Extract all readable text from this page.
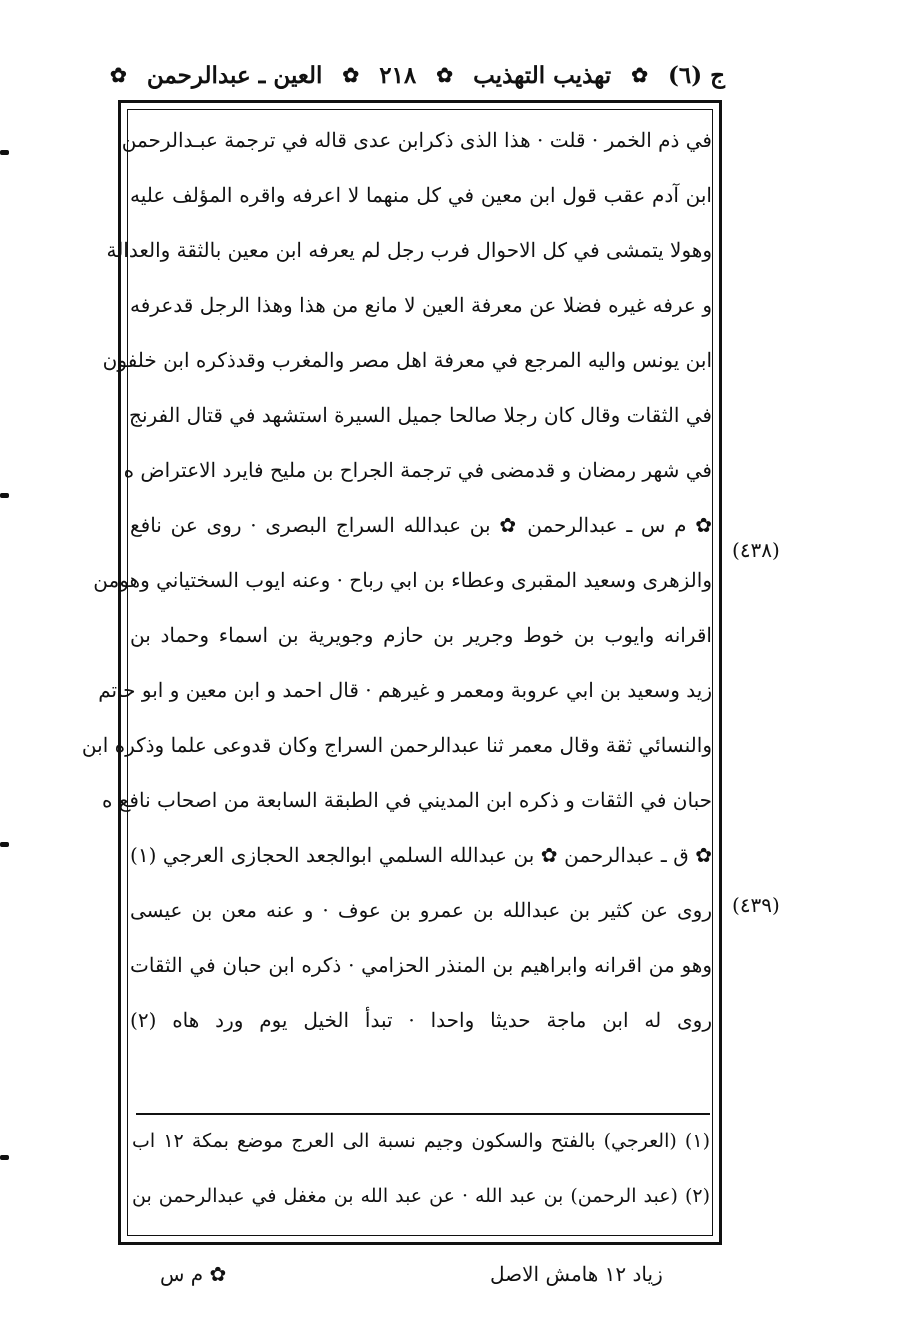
ج (٦)
✿
تهذيب التهذيب
✿
٢١٨
✿
العين ـ عبدالرحمن
✿
في ذم الخمر · قلت · هذا الذى ذكرابن عدى قاله في ترجمة عبـدالرحمن
ابن آدم عقب قول ابن معين في كل منهما لا اعرفه واقره المؤلف عليه
وهولا يتمشى في كل الاحوال فرب رجل لم يعرفه ابن معين بالثقة والعدالة
و عرفه غيره فضلا عن معرفة العين لا مانع من هذا وهذا الرجل قدعرفه
ابن يونس واليه المرجع في معرفة اهل مصر والمغرب وقدذكره ابن خلفون
في الثقات وقال كان رجلا صالحا جميل السيرة استشهد في قتال الفرنج
في شهر رمضان و قدمضى في ترجمة الجراح بن مليح فايرد الاعتراض ه
✿ م س ـ عبدالرحمن ✿ بن عبدالله السراج البصرى · روى عن نافع
والزهرى وسعيد المقبرى وعطاء بن ابي رباح · وعنه ايوب السختياني وهومن
اقرانه وايوب بن خوط وجرير بن حازم وجويرية بن اسماء وحماد بن
زيد وسعيد بن ابي عروبة ومعمر و غيرهم · قال احمد و ابن معين و ابو حاتم
والنسائي ثقة وقال معمر ثنا عبدالرحمن السراج وكان قدوعى علما وذكره ابن
حبان في الثقات و ذكره ابن المديني في الطبقة السابعة من اصحاب نافع ه
✿ ق ـ عبدالرحمن ✿ بن عبدالله السلمي ابوالجعد الحجازى العرجي (١)
روى عن كثير بن عبدالله بن عمرو بن عوف · و عنه معن بن عيسى
وهو من اقرانه وابراهيم بن المنذر الحزامي · ذكره ابن حبان في الثقات
روى له ابن ماجة حديثا واحدا · تبدأ الخيل يوم ورد هاه (٢)
(٤٣٨)
(٤٣٩)
(١) (العرجي) بالفتح والسكون وجيم نسبة الى العرج موضع بمكة ١٢ اب
(٢) (عبد الرحمن) بن عبد الله · عن عبد الله بن مغفل في عبدالرحمن بن
زياد ١٢ هامش الاصل
✿ م س
